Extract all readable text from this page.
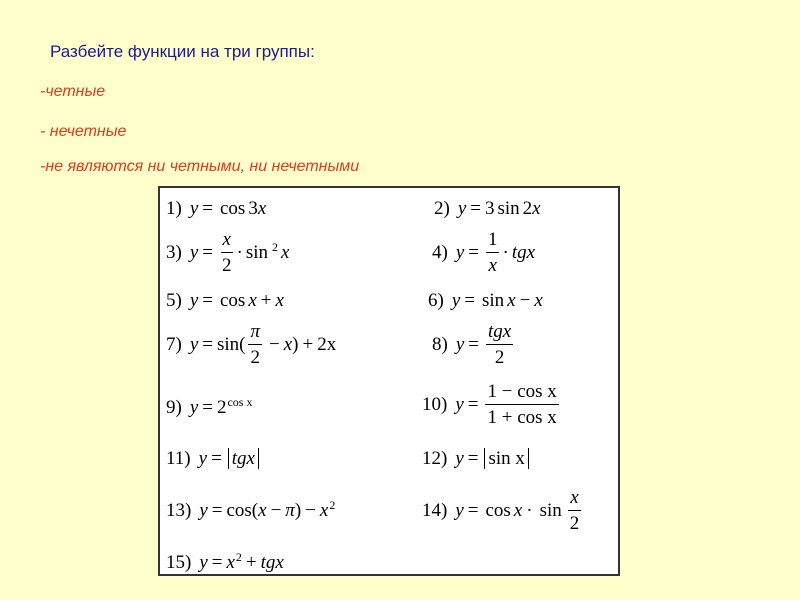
Разбейте функции на три группы:
-четные
- нечетные
-не являются ни четными, ни нечетными
1) y = cos 3 x	2) y = 3 sin 2 x
3) $y = \frac{x}{2} \cdot \sin ^2$ x	4) $y = \frac{1}{x}$ · tgx
5) y = cos x + x	6) y = sin x − x
7) $y = \sin( \frac{\pi}{2} - x$ ) + 2x	8) $y = \frac{\text{tgx}}{2}$
9) $y = 2^{cos x}$	10) $y = \frac{\text{1 − cos x}}{\text{1 + cos x}}$
11) y = tgx	12) y = sin x
13) y = cos( x − π ) − $x^2$	14) $y = \cos x \cdot \sin \frac{x}{2}$
15) $y = x^2$ + tgx
